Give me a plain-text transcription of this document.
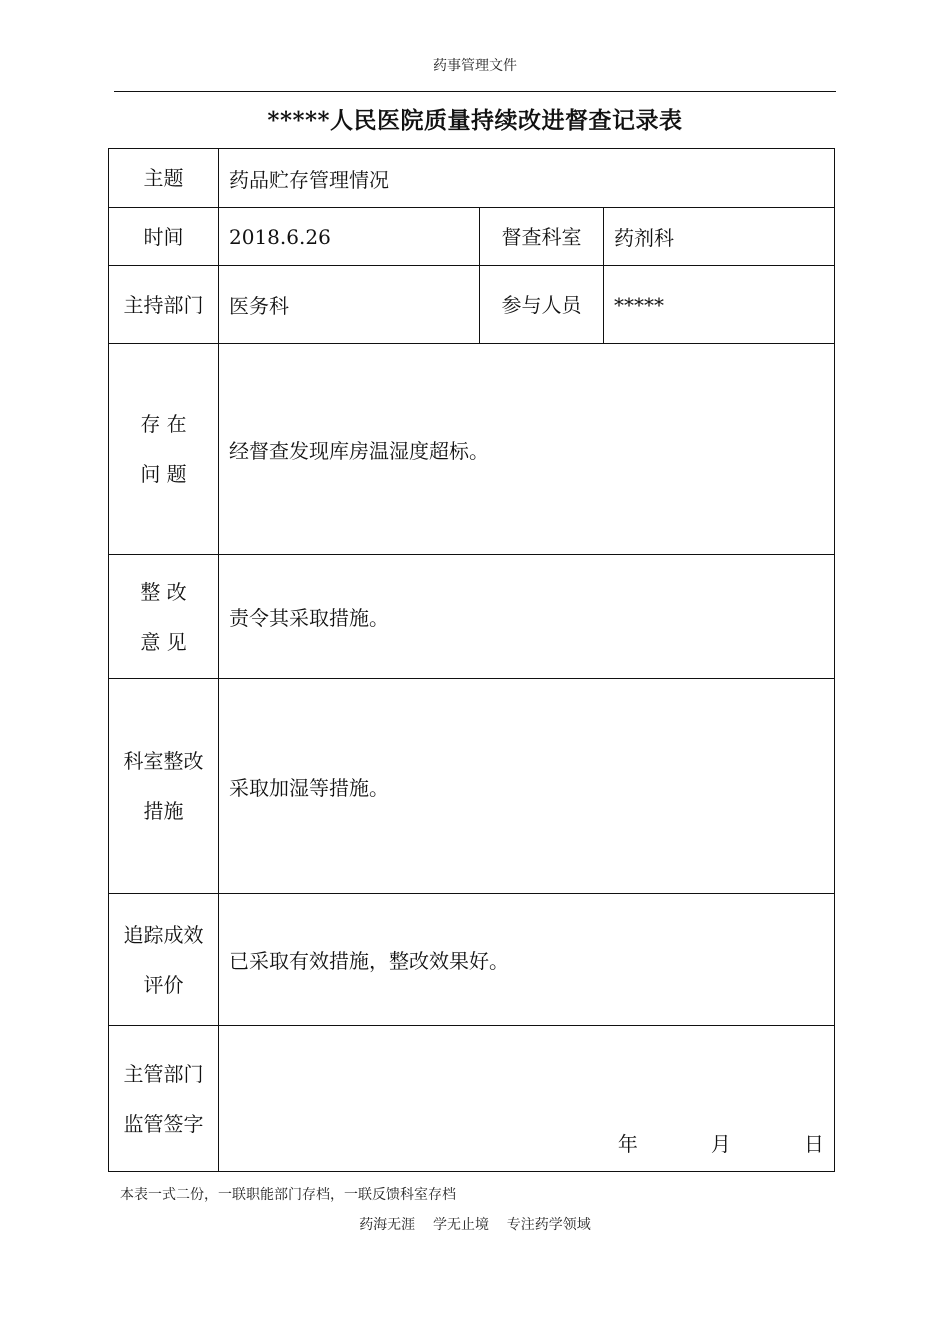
药事管理文件
*****人民医院质量持续改进督查记录表
主题	药品贮存管理情况		
时间	2018.6.26	督查科室	药剂科
主持部门	医务科	参与人员	*****

存 在
问 题	经督查发现库房温湿度超标。		

整 改
意 见	责令其采取措施。		

科室整改
措施	采取加湿等措施。		

追踪成效
评价	已采取有效措施，整改效果好。		

主管部门
监管签字	年   月   日		
本表一式二份，一联职能部门存档，一联反馈科室存档
药海无涯    学无止境    专注药学领域
